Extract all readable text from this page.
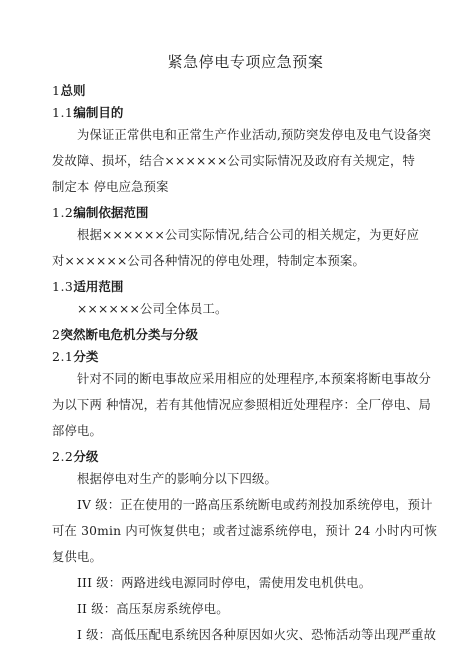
紧急停电专项应急预案
1总则
1.1编制目的
为保证正常供电和正常生产作业活动,预防突发停电及电气设备突
发故障、损坏，结合××××××公司实际情况及政府有关规定，特
制定本 停电应急预案
1.2编制依据范围
根据××××××公司实际情况,结合公司的相关规定，为更好应
对××××××公司各种情况的停电处理，特制定本预案。
1.3适用范围
××××××公司全体员工。
2突然断电危机分类与分级
2.1分类
针对不同的断电事故应采用相应的处理程序,本预案将断电事故分
为以下两 种情况，若有其他情况应参照相近处理程序：全厂停电、局
部停电。
2.2分级
根据停电对生产的影响分以下四级。
IV 级：正在使用的一路高压系统断电或药剂投加系统停电，预计
可在 30min 内可恢复供电；或者过滤系统停电，预计 24 小时内可恢
复供电。
III 级：两路进线电源同时停电，需使用发电机供电。
II 级：高压泵房系统停电。
I 级：高低压配电系统因各种原因如火灾、恐怖活动等出现严重故
